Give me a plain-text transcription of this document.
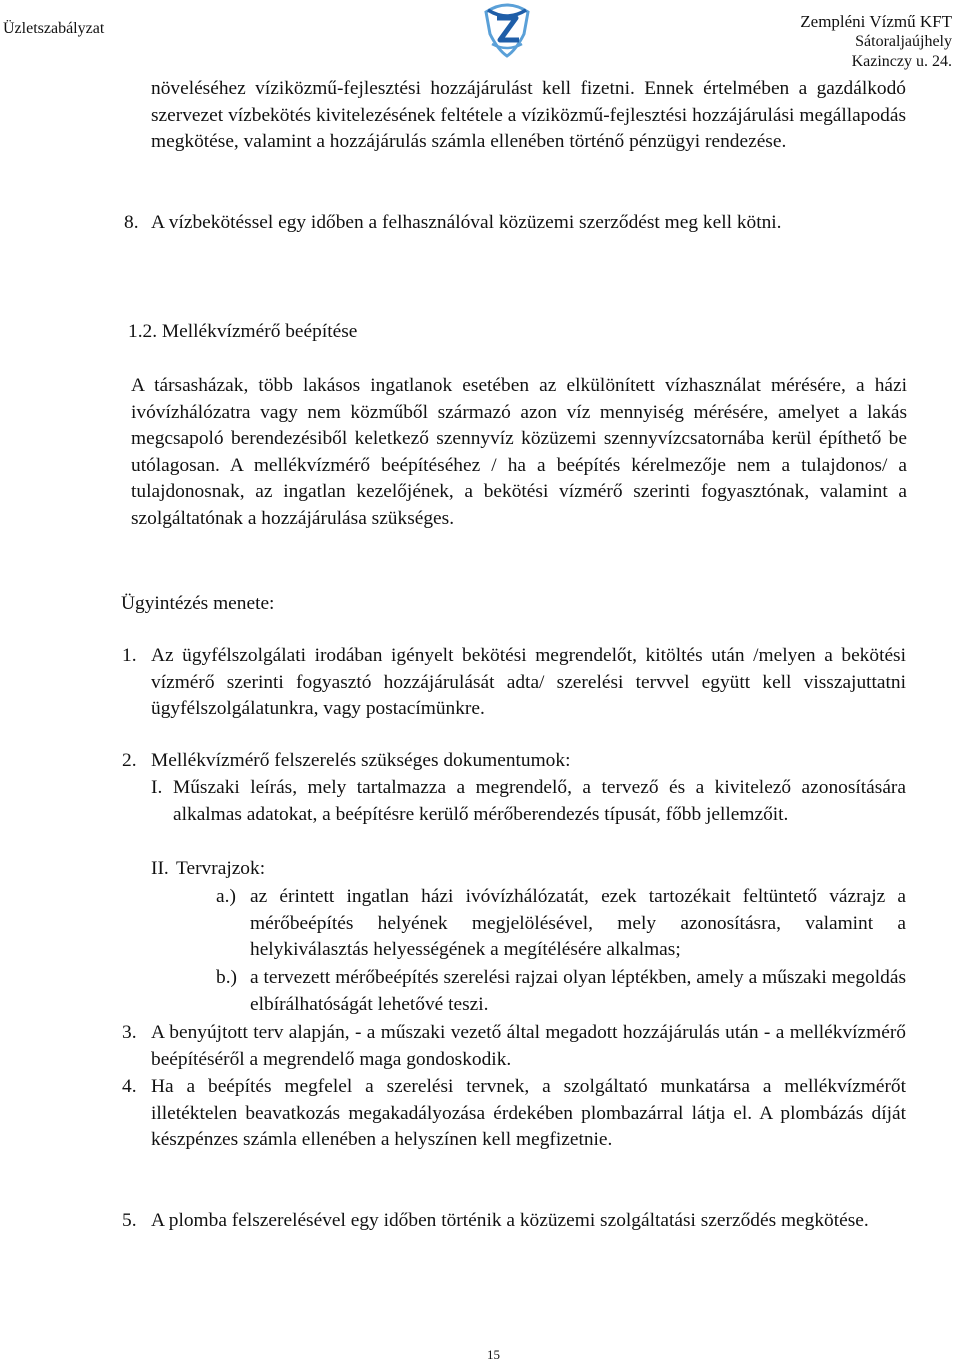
Üzletszabályzat	Zempléni Vízmű KFT
Sátoraljaújhely
Kazinczy u. 24.

növeléséhez víziközmű-fejlesztési hozzájárulást kell fizetni. Ennek értelmében a gazdálkodó szervezet vízbekötés kivitelezésének feltétele a víziközmű-fejlesztési hozzájárulási megállapodás megkötése, valamint a hozzájárulás számla ellenében történő pénzügyi rendezése.

8. A vízbekötéssel egy időben a felhasználóval közüzemi szerződést meg kell kötni.

1.2. Mellékvízmérő beépítése

A társasházak, több lakásos ingatlanok esetében az elkülönített vízhasználat mérésére, a házi ivóvízhálózatra vagy nem közműből származó azon víz mennyiség mérésére, amelyet a lakás megcsapoló berendezésiből keletkező szennyvíz közüzemi szennyvízcsatornába kerül építhető be utólagosan. A mellékvízmérő beépítéséhez / ha a beépítés kérelmezője nem a tulajdonos/ a tulajdonosnak, az ingatlan kezelőjének, a bekötési vízmérő szerinti fogyasztónak, valamint a szolgáltatónak a hozzájárulása szükséges.

Ügyintézés menete:
1. Az ügyfélszolgálati irodában igényelt bekötési megrendelőt, kitöltés után /melyen a bekötési vízmérő szerinti fogyasztó hozzájárulását adta/ szerelési tervvel együtt kell visszajuttatni ügyfélszolgálatunkra, vagy postacímünkre.

2. Mellékvízmérő felszerelés szükséges dokumentumok:
I. Műszaki leírás, mely tartalmazza a megrendelő, a tervező és a kivitelező azonosítására alkalmas adatokat, a beépítésre kerülő mérőberendezés típusát, főbb jellemzőit.

II. Tervrajzok:
a.) az érintett ingatlan házi ivóvízhálózatát, ezek tartozékait feltüntető vázrajz a mérőbeépítés helyének megjelölésével, mely azonosításra, valamint a helykiválasztás helyességének a megítélésére alkalmas;

b.) a tervezett mérőbeépítés szerelési rajzai olyan léptékben, amely a műszaki megoldás elbírálhatóságát lehetővé teszi.

3. A benyújtott terv alapján, - a műszaki vezető által megadott hozzájárulás után - a mellékvízmérő beépítéséről a megrendelő maga gondoskodik.

4. Ha a beépítés megfelel a szerelési tervnek, a szolgáltató munkatársa a mellékvízmérőt illetéktelen beavatkozás megakadályozása érdekében plombazárral látja el. A plombázás díját készpénzes számla ellenében a helyszínen kell megfizetnie.

5. A plomba felszerelésével egy időben történik a közüzemi szolgáltatási szerződés megkötése.

15
